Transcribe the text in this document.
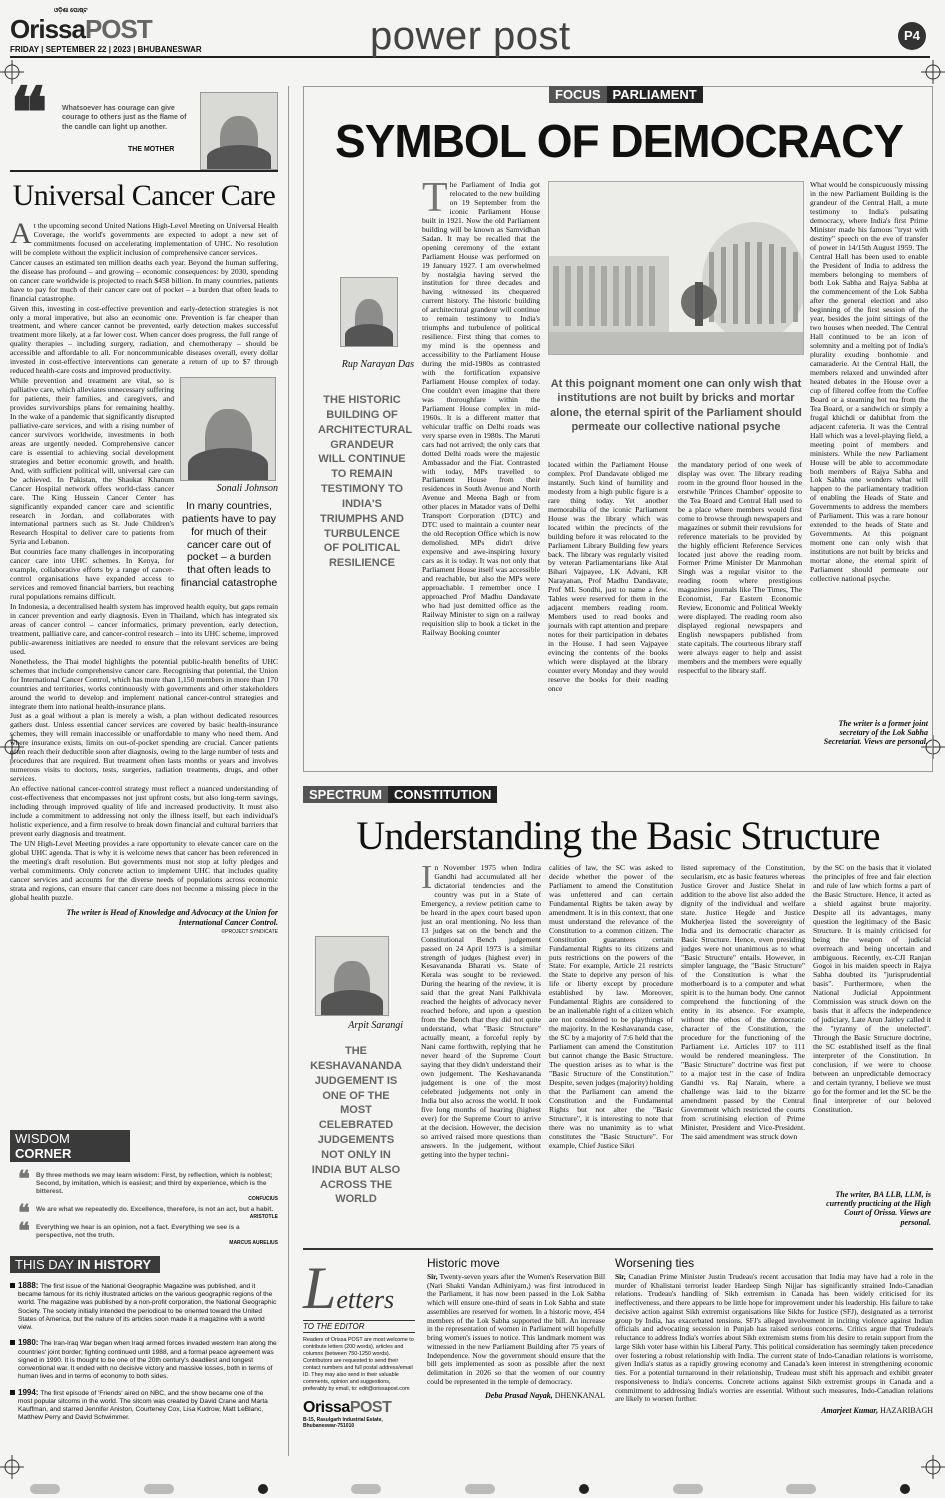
ଓଡ଼ିଶା ପୋଷ୍ଟ
OrissaPOST
FRIDAY | SEPTEMBER 22 | 2023 | BHUBANESWAR	power post	P4
❝ Whatsoever has courage can give courage to others just as the flame of the candle can light up another.
THE MOTHER
Universal Cancer Care

At the upcoming second United Nations High-Level Meeting on Universal Health Coverage, the world's governments are expected to adopt a new set of commitments focused on accelerating implementation of UHC. No resolution will be complete without the explicit inclusion of comprehensive cancer services.

Cancer causes an estimated ten million deaths each year. Beyond the human suffering, the disease has profound – and growing – economic consequences: by 2030, spending on cancer care worldwide is projected to reach $458 billion. In many countries, patients have to pay for much of their cancer care out of pocket – a burden that often leads to financial catastrophe.

Given this, investing in cost-effective prevention and early-detection strategies is not only a moral imperative, but also an economic one. Prevention is far cheaper than treatment, and where cancer cannot be prevented, early detection makes successful treatment more likely, at a far lower cost. When cancer does progress, the full range of quality therapies – including surgery, radiation, and chemotherapy – should be accessible and affordable to all. For noncommunicable diseases overall, every dollar invested in cost-effective interventions can generate a return of up to $7 through reduced health-care costs and improved productivity.

Sonali Johnson
In many countries, patients have to pay for much of their cancer care out of pocket – a burden that often leads to financial catastrophe

While prevention and treatment are vital, so is palliative care, which alleviates unnecessary suffering for patients, their families, and caregivers, and provides survivorships plans for remaining healthy. In the wake of a pandemic that significantly disrupted palliative-care services, and with a rising number of cancer survivors worldwide, investments in both areas are urgently needed. Comprehensive cancer care is essential to achieving social development strategies and better economic growth, and health. And, with sufficient political will, universal care can be achieved. In Pakistan, the Shaukat Khanum Cancer Hospital network offers world-class cancer care. The King Hussein Cancer Center has significantly expanded cancer care and scientific research in Jordan, and collaborates with international partners such as St. Jude Children's Research Hospital to deliver care to patients from Syria and Lebanon.

But countries face many challenges in incorporating cancer care into UHC schemes. In Kenya, for example, collaborative efforts by a range of cancer-control organisations have expanded access to services and removed financial barriers, but reaching rural populations remains difficult.

In Indonesia, a decentralised health system has improved health equity, but gaps remain in cancer prevention and early diagnosis. Even in Thailand, which has integrated six areas of cancer control – cancer informatics, primary prevention, early detection, treatment, palliative care, and cancer-control research – into its UHC scheme, improved public-awareness initiatives are needed to ensure that the relevant services are being used.

Nonetheless, the Thai model highlights the potential public-health benefits of UHC schemes that include comprehensive cancer care. Recognising that potential, the Union for International Cancer Control, which has more than 1,150 members in more than 170 countries and territories, works continuously with governments and other stakeholders around the world to develop and implement national cancer-control strategies and integrate them into national health-insurance plans.

Just as a goal without a plan is merely a wish, a plan without dedicated resources gathers dust. Unless essential cancer services are covered by basic health-insurance schemes, they will remain inaccessible or unaffordable to many who need them. And where insurance exists, limits on out-of-pocket spending are crucial. Cancer patients often reach their deductible soon after diagnosis, owing to the large number of tests and procedures that are required. But treatment often lasts months or years and involves numerous visits to doctors, tests, surgeries, radiation treatments, drugs, and other services.

An effective national cancer-control strategy must reflect a nuanced understanding of cost-effectiveness that encompasses not just upfront costs, but also long-term savings, including through improved quality of life and increased productivity. It must also include a commitment to addressing not only the illness itself, but each individual's holistic experience, and a firm resolve to break down financial and cultural barriers that prevent early diagnosis and treatment.

The UN High-Level Meeting provides a rare opportunity to elevate cancer care on the global UHC agenda. That is why it is welcome news that cancer has been referenced in the meeting's draft resolution. But governments must not stop at lofty pledges and verbal commitments. Only concrete action to implement UHC that includes quality cancer services and accounts for the diverse needs of populations across economic strata and regions, can ensure that cancer care does not become a missing piece in the global health puzzle.

The writer is Head of Knowledge and Advocacy at the Union for International Cancer Control.
©PROJECT SYNDICATE
WISDOM CORNER
❝ By three methods we may learn wisdom: First, by reflection, which is noblest; Second, by imitation, which is easiest; and third by experience, which is the bitterest.
CONFUCIUS
❝ We are what we repeatedly do. Excellence, therefore, is not an act, but a habit.
ARISTOTLE
❝ Everything we hear is an opinion, not a fact. Everything we see is a perspective, not the truth.
MARCUS AURELIUS
THIS DAY IN HISTORY
1888: The first issue of the National Geographic Magazine was published, and it became famous for its richly illustrated articles on the various geographic regions of the world. The magazine was published by a non-profit corporation, the National Geographic Society. The society initially intended the periodical to be oriented toward the United States of America, but the nature of its articles soon made it a magazine with a world view.
1980: The Iran-Iraq War began when Iraqi armed forces invaded western Iran along the countries' joint border; fighting continued until 1988, and a formal peace agreement was signed in 1990. It is thought to be one of the 20th century's deadliest and longest conventional war. It ended with no decisive victory and massive losses, both in terms of human lives and in terms of economy to both sides.
1994: The first episode of 'Friends' aired on NBC, and the show became one of the most popular sitcoms in the world. The sitcom was created by David Crane and Marta Kauffman, and starred Jennifer Aniston, Courteney Cox, Lisa Kudrow, Matt LeBlanc, Matthew Perry and David Schwimmer.
FOCUS PARLIAMENT
SYMBOL OF DEMOCRACY
Rup Narayan Das
THE HISTORIC BUILDING OF ARCHITECTURAL GRANDEUR WILL CONTINUE TO REMAIN TESTIMONY TO INDIA'S TRIUMPHS AND TURBULENCE OF POLITICAL RESILIENCE

The Parliament of India got relocated to the new building on 19 September from the iconic Parliament House built in 1921. Now the old Parliament building will be known as Samvidhan Sadan. It may be recalled that the opening ceremony of the extant Parliament House was performed on 19 January 1927. I am overwhelmed by nostalgia having served the institution for three decades and having witnessed its chequered current history. The historic building of architectural grandeur will continue to remain testimony to India's triumphs and turbulence of political resilience. First thing that comes to my mind is the openness and accessibility to the Parliament House during the mid-1980s as contrasted with the fortification expansive Parliament House complex of today. One couldn't even imagine that there was thoroughfare within the Parliament House complex in mid-1960s. It is a different matter that vehicular traffic on Delhi roads was very sparse even in 1980s. The Maruti cars had not arrived; the only cars that dotted Delhi roads were the majestic Ambassador and the Fiat. Contrasted with today, MPs travelled to Parliament House from their residences in South Avenue and North Avenue and Meena Bagh or from other places in Matador vans of Delhi Transport Corporation (DTC) and DTC used to maintain a counter near the old Reception Office which is now demolished. MPs didn't drive expensive and awe-inspiring luxury cars as it is today. It was not only that Parliament House itself was accessible and reachable, but also the MPs were approachable. I remember once I approached Prof Madhu Dandavate who had just demitted office as the Railway Minister to sign on a railway requisition slip to book a ticket in the Railway Booking counter

At this poignant moment one can only wish that institutions are not built by bricks and mortar alone, the eternal spirit of the Parliament should permeate our collective national psyche

located within the Parliament House complex. Prof Dandavate obliged me instantly. Such kind of humility and modesty from a high public figure is a rare thing today. Yet another memorabilia of the iconic Parliament House was the library which was located within the precincts of the building before it was relocated to the Parliament Library Building few years back. The library was regularly visited by veteran Parliamentarians like Atal Bihari Vajpayee, LK Advani, KR Narayanan, Prof Madhu Dandavate, Prof ML Sondhi, just to name a few. Tables were reserved for them in the adjacent members reading room. Members used to read books and journals with rapt attention and prepare notes for their participation in debates in the House. I had seen Vajpayee evincing the contents of the books which were displayed at the library counter every Monday and they would reserve the books for their reading once

the mandatory period of one week of display was over. The library reading room in the ground floor housed in the erstwhile 'Princes Chamber' opposite to the Tea Board and Central Hall used to be a place where members would first come to browse through newspapers and magazines or submit their revulsions for reference materials to be provided by the highly efficient Reference Services located just above the reading room. Former Prime Minister Dr Manmohan Singh was a regular visitor to the reading room where prestigious magazines journals like The Times, The Economist, Far Eastern Economic Review, Economic and Political Weekly were displayed. The reading room also displayed regional newspapers and English newspapers published from state capitals. The courteous library staff were always eager to help and assist members and the members were equally respectful to the library staff.

What would be conspicuously missing in the new Parliament Building is the grandeur of the Central Hall, a mute testimony to India's pulsating democracy, where India's first Prime Minister made his famous "tryst with destiny" speech on the eve of transfer of power in 14/15th August 1959. The Central Hall has been used to enable the President of India to address the members belonging to members of both Lok Sabha and Rajya Sabha at the commencement of the Lok Sabha after the general election and also beginning of the first session of the year, besides the joint sittings of the two houses when needed. The Central Hall continued to be an icon of solemnity and a melting pot of India's plurality exuding bonhomie and camaraderie. At the Central Hall, the members relaxed and unwinded after heated debates in the House over a cup of filtered coffee from the Coffee Board or a steaming hot tea from the Tea Board, or a sandwich or simply a frugal khichdi or dahibhat from the adjacent cafeteria. It was the Central Hall which was a level-playing field, a meeting point of members and ministers. While the new Parliament House will be able to accommodate both members of Rajya Sabha and Lok Sabha one wonders what will happen to the parliamentary tradition of enabling the Heads of State and Governments to address the members of Parliament. This was a rare honour extended to the heads of State and Governments. At this poignant moment one can only wish that institutions are not built by bricks and mortar alone, the eternal spirit of Parliament should permeate our collective national psyche.

The writer is a former joint secretary of the Lok Sabha Secretariat. Views are personal.
SPECTRUM CONSTITUTION
Understanding the Basic Structure
Arpit Sarangi
THE KESHAVANANDA JUDGEMENT IS ONE OF THE MOST CELEBRATED JUDGEMENTS NOT ONLY IN INDIA BUT ALSO ACROSS THE WORLD

In November 1975 when Indira Gandhi had accumulated all her dictatorial tendencies and the country was put in a State of Emergency, a review petition came to be heard in the apex court based upon just an oral mentioning. No less than 13 judges sat on the bench and the Constitutional Bench judgement passed on 24 April 1973 is a similar strength of judges (highest ever) in Kesavananda Bharati vs. State of Kerala was sought to be reviewed. During the hearing of the review, it is said that the great Nani Palkhivala reached the heights of advocacy never reached before, and upon a question from the Bench that they did not quite understand, what "Basic Structure" actually meant, a forceful reply by Nani came forthwith, replying that he never heard of the Supreme Court saying that they didn't understand their own judgement. The Keshavananda judgement is one of the most celebrated judgements not only in India but also across the world. It took five long months of hearing (highest ever) for the Supreme Court to arrive at the decision. However, the decision so arrived raised more questions than answers. In the judgement, without getting into the hyper techni-

calities of law, the SC was asked to decide whether the power of the Parliament to amend the Constitution was unfettered and can certain Fundamental Rights be taken away by amendment. It is in this context, that one must understand the relevance of the Constitution to a common citizen. The Constitution guarantees certain Fundamental Rights to its citizens and puts restrictions on the powers of the State. For example, Article 21 restricts the State to deprive any person of his life or liberty except by procedure established by law. Moreover, Fundamental Rights are considered to be an inalienable right of a citizen which are not considered to be playthings of the majority. In the Keshavananda case, the SC by a majority of 7:6 held that the Parliament can amend the Constitution but cannot change the Basic Structure. The question arises as to what is the "Basic Structure of the Constitution." Despite, seven judges (majority) holding that the Parliament can amend the Constitution and the Fundamental Rights but not alter the "Basic Structure", it is interesting to note that there was no unanimity as to what constitutes the "Basic Structure". For example, Chief Justice Sikri

listed supremacy of the Constitution, secularism, etc as basic features whereas Justice Grover and Justice Shelat in addition to the above list also added the dignity of the individual and welfare state. Justice Hegde and Justice Mukherjea listed the sovereignty of India and its democratic character as Basic Structure. Hence, even presiding judges were not unanimous as to what "Basic Structure" entails. However, in simpler language, the "Basic Structure" of the Constitution is what the motherboard is to a computer and what spirit is to the human body. One cannot comprehend the functioning of the entity in its absence. For example, without the ethos of the democratic character of the Constitution, the procedure for the functioning of the Parliament i.e. Articles 107 to 111 would be rendered meaningless. The "Basic Structure" doctrine was first put to a major test in the case of Indira Gandhi vs. Raj Narain, where a challenge was laid to the bizarre amendment passed by the Central Government which restricted the courts from scrutinising election of Prime Minister, President and Vice-President. The said amendment was struck down

by the SC on the basis that it violated the principles of free and fair election and rule of law which forms a part of the Basic Structure. Hence, it acted as a shield against brute majority. Despite all its advantages, many question the legitimacy of the Basic Structure. It is mainly criticised for being the weapon of judicial overreach and being uncertain and ambiguous. Recently, ex-CJI Ranjan Gogoi in his maiden speech in Rajya Sabha doubted its "jurisprudential basis". Furthermore, when the National Judicial Appointment Commission was struck down on the basis that it affects the independence of judiciary, Late Arun Jaitley called it the "tyranny of the unelected". Through the Basic Structure doctrine, the SC established itself as the final interpreter of the Constitution. In conclusion, if we were to choose between an unpredictable democracy and certain tyranny, I believe we must go for the former and let the SC be the final interpreter of our beloved Constitution.

The writer, BA LLB, LLM, is currently practicing at the High Court of Orissa. Views are personal.
Letters
TO THE EDITOR
Readers of Orissa POST are most welcome to contribute letters (200 words), articles and columns (between 750-1250 words). Contributors are requested to send their contact numbers and full postal address/email ID. They may also send in their valuable comments, opinion and suggestions, preferably by email, to: edit@orissapost.com
OrissaPOST
B-15, Rasulgarh Industrial Estate, Bhubaneswar-751010
Historic move

Sir, Twenty-seven years after the Women's Reservation Bill (Nari Shakti Vandan Adhiniyam,) was first introduced in the Parliament, it has now been passed in the Lok Sabha which will ensure one-third of seats in Lok Sabha and state assemblies are reserved for women. In a historic move, 454 members of the Lok Sabha supported the bill. An increase in the representation of women in Parliament will hopefully bring women's issues to notice. This landmark moment was witnessed in the new Parliament Building after 75 years of Independence. Now the government should ensure that the bill gets implemented as soon as possible after the next delimitation in 2026 so that the women of our country could be represented in the temple of democracy.

Deba Prasad Nayak, DHENKANAL
Worsening ties

Sir, Canadian Prime Minister Justin Trudeau's recent accusation that India may have had a role in the murder of Khalistani terrorist leader Hardeep Singh Nijjar has significantly strained Indo-Canadian relations. Trudeau's handling of Sikh extremism in Canada has been widely criticised for its ineffectiveness, and there appears to be little hope for improvement under his leadership. His failure to take decisive action against Sikh extremist organisations like Sikhs for Justice (SFJ), designated as a terrorist group by India, has exacerbated tensions. SFJ's alleged involvement in inciting violence against Indian officials and advocating secession in Punjab has raised serious concerns. Critics argue that Trudeau's reluctance to address India's worries about Sikh extremism stems from his desire to retain support from the large Sikh voter base within his Liberal Party. This political consideration has seemingly taken precedence over fostering a robust relationship with India. The current state of Indo-Canadian relations is worrisome, given India's status as a rapidly growing economy and Canada's keen interest in strengthening economic ties. For a potential turnaround in their relationship, Trudeau must shift his approach and exhibit greater responsiveness to India's concerns. Concrete actions against Sikh extremist groups in Canada and a commitment to addressing India's worries are essential. Without such measures, Indo-Canadian relations are likely to worsen further.

Amarjeet Kumar, HAZARIBAGH
